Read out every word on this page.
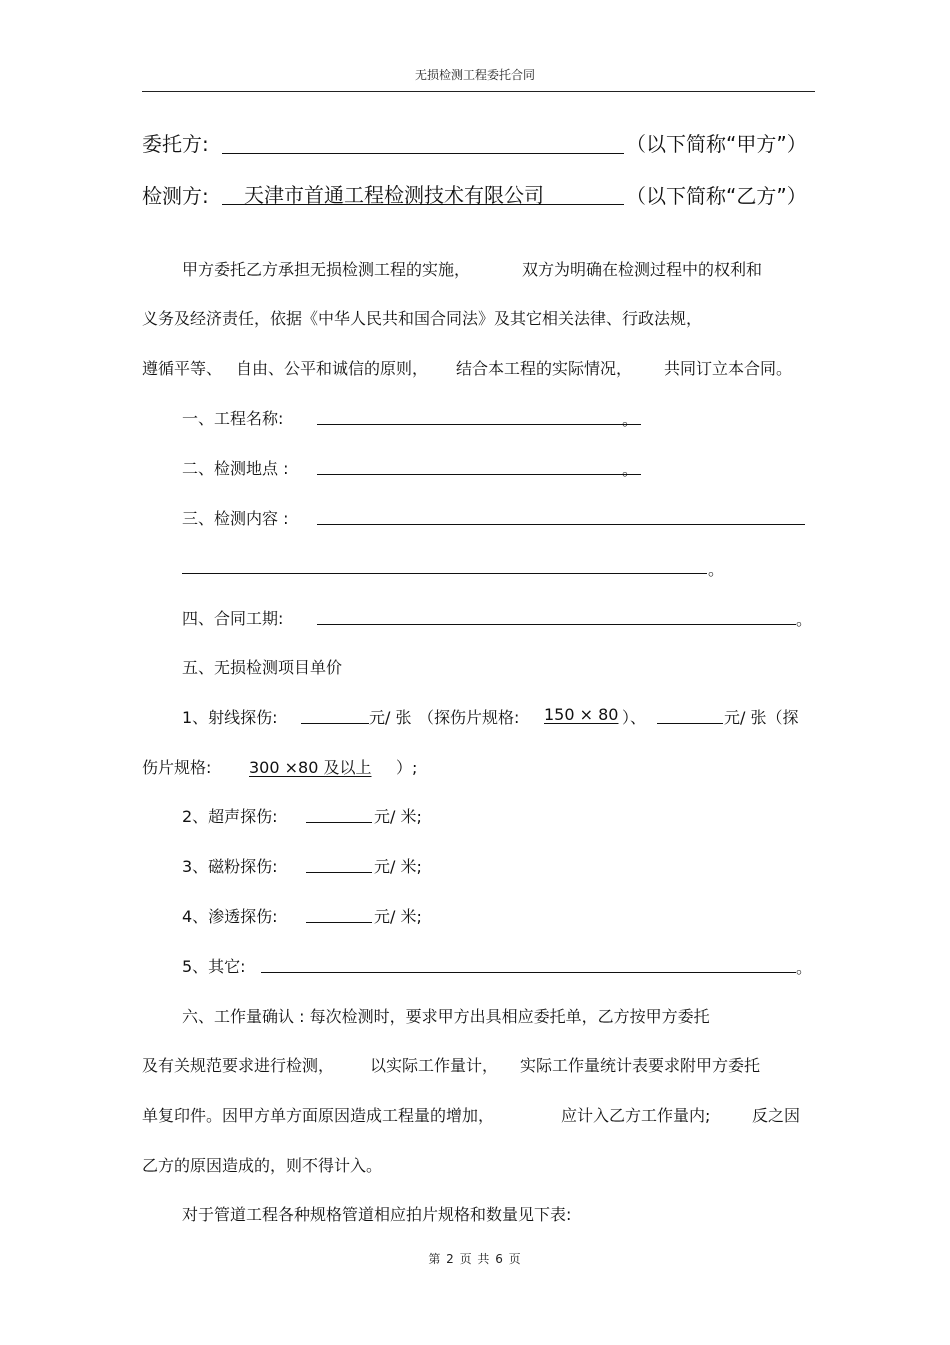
无损检测工程委托合同
委托方:	（以下简称“甲方”）
检测方: 天津市首通工程检测技术有限公司	（以下简称“乙方”）
甲方委托乙方承担无损检测工程的实施，	双方为明确在检测过程中的权利和
义务及经济责任，依据《中华人民共和国合同法》及其它相关法律、行政法规，
遵循平等、 自由、公平和诚信的原则， 结合本工程的实际情况， 共同订立本合同。
一、工程名称:	。
二、检测地点 :	。
三、检测内容 :
。
四、合同工期:	。
五、无损检测项目单价
1、射线探伤:	元/ 张 （探伤片规格: 150 × 80 ）、	元/ 张（探
伤片规格: 300 ×80 及以上 ）;
2、超声探伤:	元/ 米;
3、磁粉探伤:	元/ 米;
4、渗透探伤:	元/ 米;
5、其它:	。
六、工作量确认 : 每次检测时，要求甲方出具相应委托单，乙方按甲方委托
及有关规范要求进行检测， 以实际工作量计， 实际工作量统计表要求附甲方委托
单复印件。因甲方单方面原因造成工程量的增加，	应计入乙方工作量内;	反之因
乙方的原因造成的，则不得计入。
对于管道工程各种规格管道相应拍片规格和数量见下表:
第 2 页 共 6 页
